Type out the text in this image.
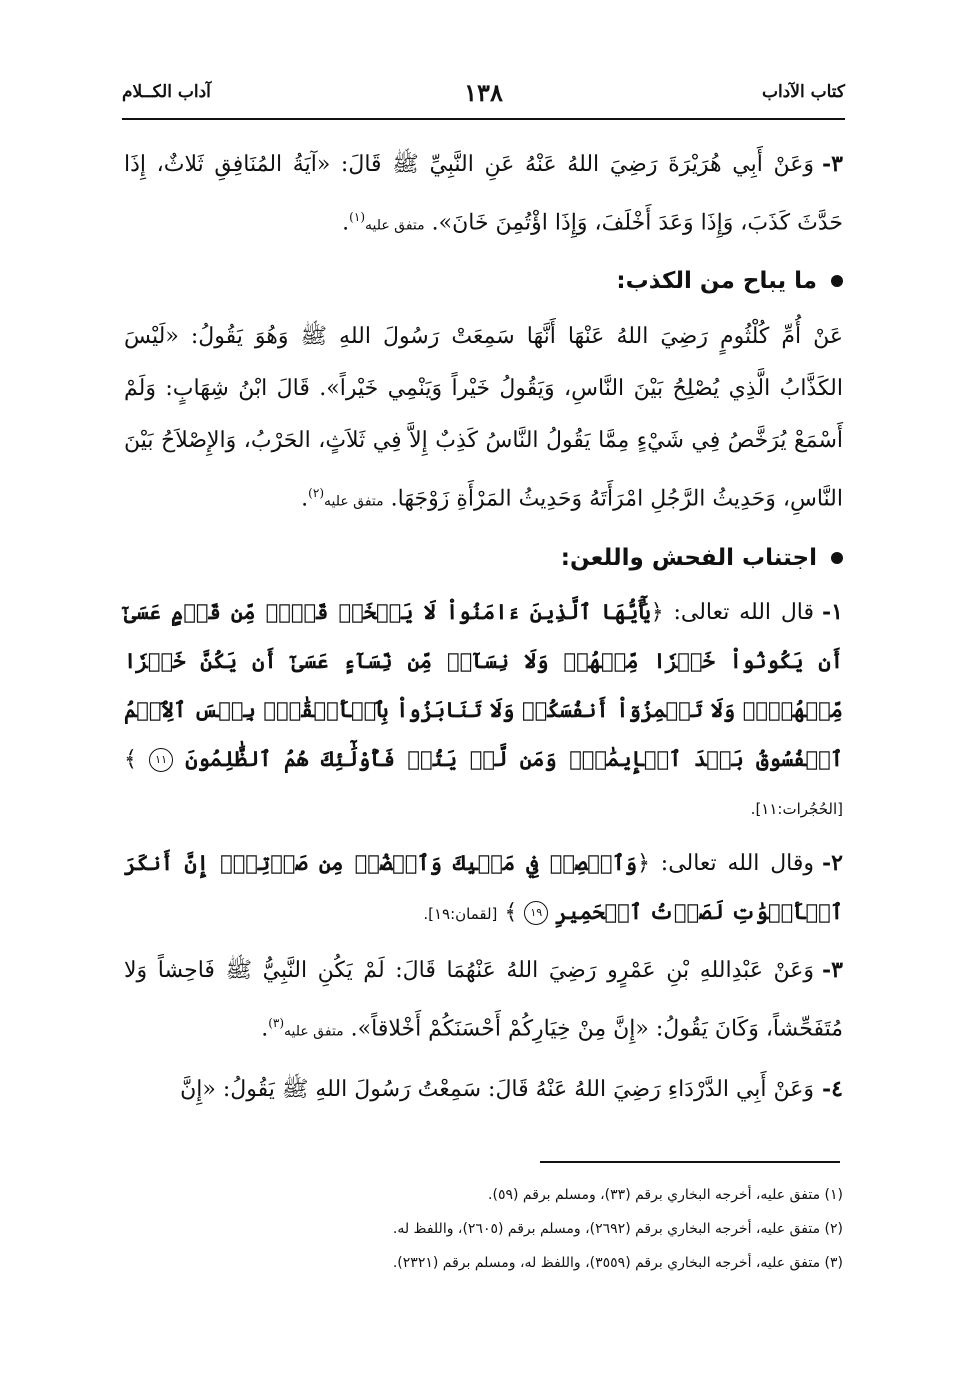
كتاب الآداب
١٣٨
آداب الكــلام

٣-وَعَنْ أَبِي هُرَيْرَةَ رَضِيَ اللهُ عَنْهُ عَنِ النَّبِيِّ ﷺ قَالَ: «آيَةُ المُنَافِقِ ثَلاثٌ، إِذَا حَدَّثَ كَذَبَ، وَإِذَا وَعَدَ أَخْلَفَ، وَإِذَا اؤْتُمِنَ خَانَ». متفق عليه$^{(١)}$.

ما يباح من الكذب:

عَنْ أُمِّ كُلْثُومٍ رَضِيَ اللهُ عَنْهَا أَنَّهَا سَمِعَتْ رَسُولَ اللهِ ﷺ وَهُوَ يَقُولُ: «لَيْسَ الكَذَّابُ الَّذِي يُصْلِحُ بَيْنَ النَّاسِ، وَيَقُولُ خَيْراً وَيَنْمِي خَيْراً». قَالَ ابْنُ شِهَابٍ: وَلَمْ أَسْمَعْ يُرَخَّصُ فِي شَيْءٍ مِمَّا يَقُولُ النَّاسُ كَذِبٌ إِلاَّ فِي ثَلاَثٍ، الحَرْبُ، وَالإِصْلاَحُ بَيْنَ النَّاسِ، وَحَدِيثُ الرَّجُلِ امْرَأَتَهُ وَحَدِيثُ المَرْأَةِ زَوْجَهَا. متفق عليه$^{(٢)}$.

اجتناب الفحش واللعن:

١-قال الله تعالى: ﴿يَٰٓأَيُّهَا ٱلَّذِينَ ءَامَنُواْ لَا يَسۡخَرۡ قَوۡمٞ مِّن قَوۡمٍ عَسَىٰٓ أَن يَكُونُواْ خَيۡرٗا مِّنۡهُمۡ وَلَا نِسَآءٞ مِّن نِّسَآءٍ عَسَىٰٓ أَن يَكُنَّ خَيۡرٗا مِّنۡهُنَّۖ وَلَا تَلۡمِزُوٓاْ أَنفُسَكُمۡ وَلَا تَنَابَزُواْ بِٱلۡأَلۡقَٰبِۖ بِئۡسَ ٱلِٱسۡمُ ٱلۡفُسُوقُ بَعۡدَ ٱلۡإِيمَٰنِۚ وَمَن لَّمۡ يَتُبۡ فَأُوْلَٰٓئِكَ هُمُ ٱلظَّٰلِمُونَ ١١ ﴾ [الحُجُرات:١١].

٢-وقال الله تعالى: ﴿وَٱقۡصِدۡ فِي مَشۡيِكَ وَٱغۡضُضۡ مِن صَوۡتِكَۚ إِنَّ أَنكَرَ ٱلۡأَصۡوَٰتِ لَصَوۡتُ ٱلۡحَمِيرِ ١٩ ﴾ [لقمان:١٩].

٣-وَعَنْ عَبْدِاللهِ بْنِ عَمْرٍو رَضِيَ اللهُ عَنْهُمَا قَالَ: لَمْ يَكُنِ النَّبِيُّ ﷺ فَاحِشاً وَلا مُتَفَحِّشاً، وَكَانَ يَقُولُ: «إِنَّ مِنْ خِيَارِكُمْ أَحْسَنَكُمْ أَخْلاقاً». متفق عليه$^{(٣)}$.

٤-وَعَنْ أَبِي الدَّرْدَاءِ رَضِيَ اللهُ عَنْهُ قَالَ: سَمِعْتُ رَسُولَ اللهِ ﷺ يَقُولُ: «إِنَّ

(١) متفق عليه، أخرجه البخاري برقم (٣٣)، ومسلم برقم (٥٩).
(٢) متفق عليه، أخرجه البخاري برقم (٢٦٩٢)، ومسلم برقم (٢٦٠٥)، واللفظ له.
(٣) متفق عليه، أخرجه البخاري برقم (٣٥٥٩)، واللفظ له، ومسلم برقم (٢٣٢١).
